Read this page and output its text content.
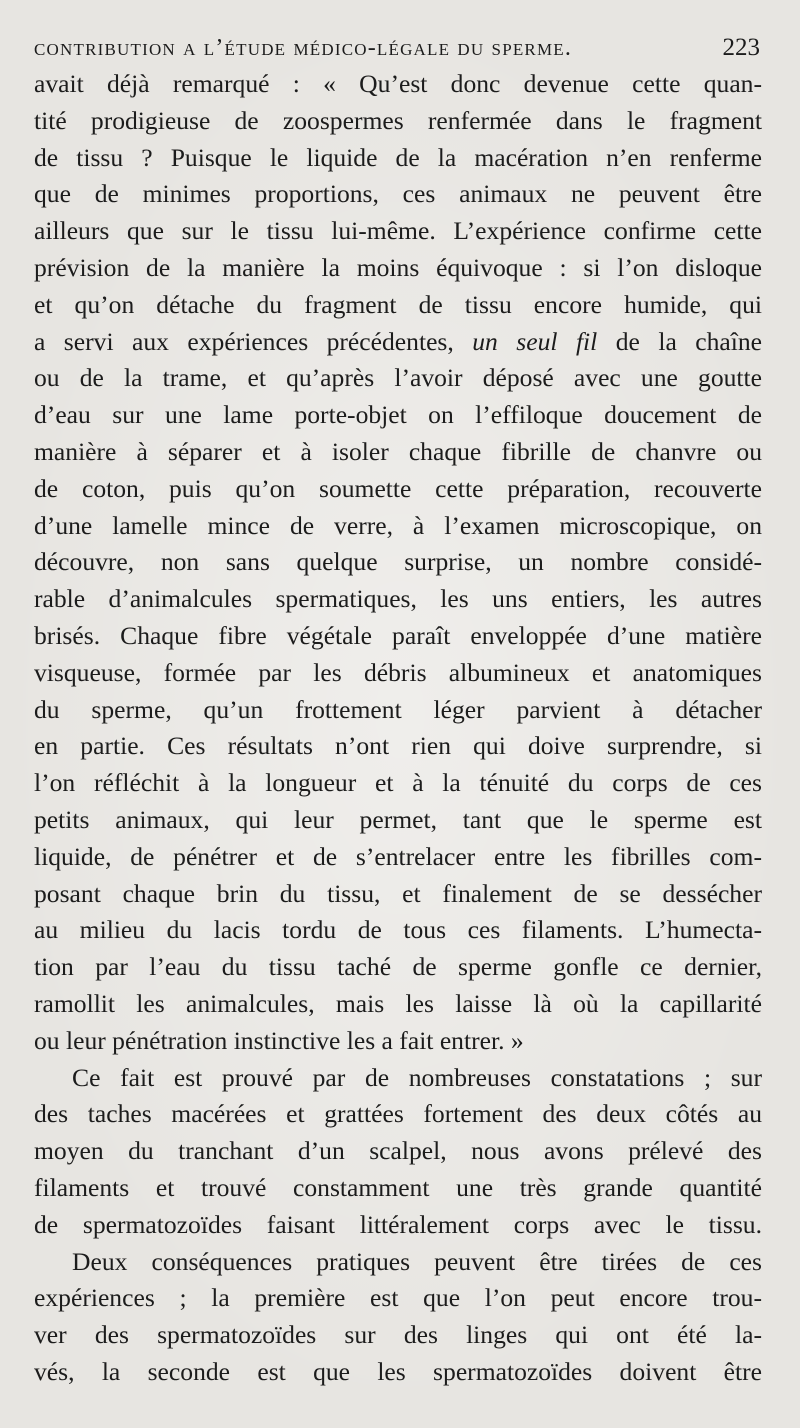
contribution a l’étude médico-légale du sperme.	223
avait déjà remarqué : « Qu’est donc devenue cette quan-
tité prodigieuse de zoospermes renfermée dans le fragment
de tissu ? Puisque le liquide de la macération n’en renferme
que de minimes proportions, ces animaux ne peuvent être
ailleurs que sur le tissu lui-même. L’expérience confirme cette
prévision de la manière la moins équivoque : si l’on disloque
et qu’on détache du fragment de tissu encore humide, qui
a servi aux expériences précédentes, un seul fil de la chaîne
ou de la trame, et qu’après l’avoir déposé avec une goutte
d’eau sur une lame porte-objet on l’effiloque doucement de
manière à séparer et à isoler chaque fibrille de chanvre ou
de coton, puis qu’on soumette cette préparation, recouverte
d’une lamelle mince de verre, à l’examen microscopique, on
découvre, non sans quelque surprise, un nombre considé-
rable d’animalcules spermatiques, les uns entiers, les autres
brisés. Chaque fibre végétale paraît enveloppée d’une matière
visqueuse, formée par les débris albumineux et anatomiques
du sperme, qu’un frottement léger parvient à détacher
en partie. Ces résultats n’ont rien qui doive surprendre, si
l’on réfléchit à la longueur et à la ténuité du corps de ces
petits animaux, qui leur permet, tant que le sperme est
liquide, de pénétrer et de s’entrelacer entre les fibrilles com-
posant chaque brin du tissu, et finalement de se dessécher
au milieu du lacis tordu de tous ces filaments. L’humecta-
tion par l’eau du tissu taché de sperme gonfle ce dernier,
ramollit les animalcules, mais les laisse là où la capillarité
ou leur pénétration instinctive les a fait entrer. »
Ce fait est prouvé par de nombreuses constatations ; sur
des taches macérées et grattées fortement des deux côtés au
moyen du tranchant d’un scalpel, nous avons prélevé des
filaments et trouvé constamment une très grande quantité
de spermatozoïdes faisant littéralement corps avec le tissu.
Deux conséquences pratiques peuvent être tirées de ces
expériences ; la première est que l’on peut encore trou-
ver des spermatozoïdes sur des linges qui ont été la-
vés, la seconde est que les spermatozoïdes doivent être
